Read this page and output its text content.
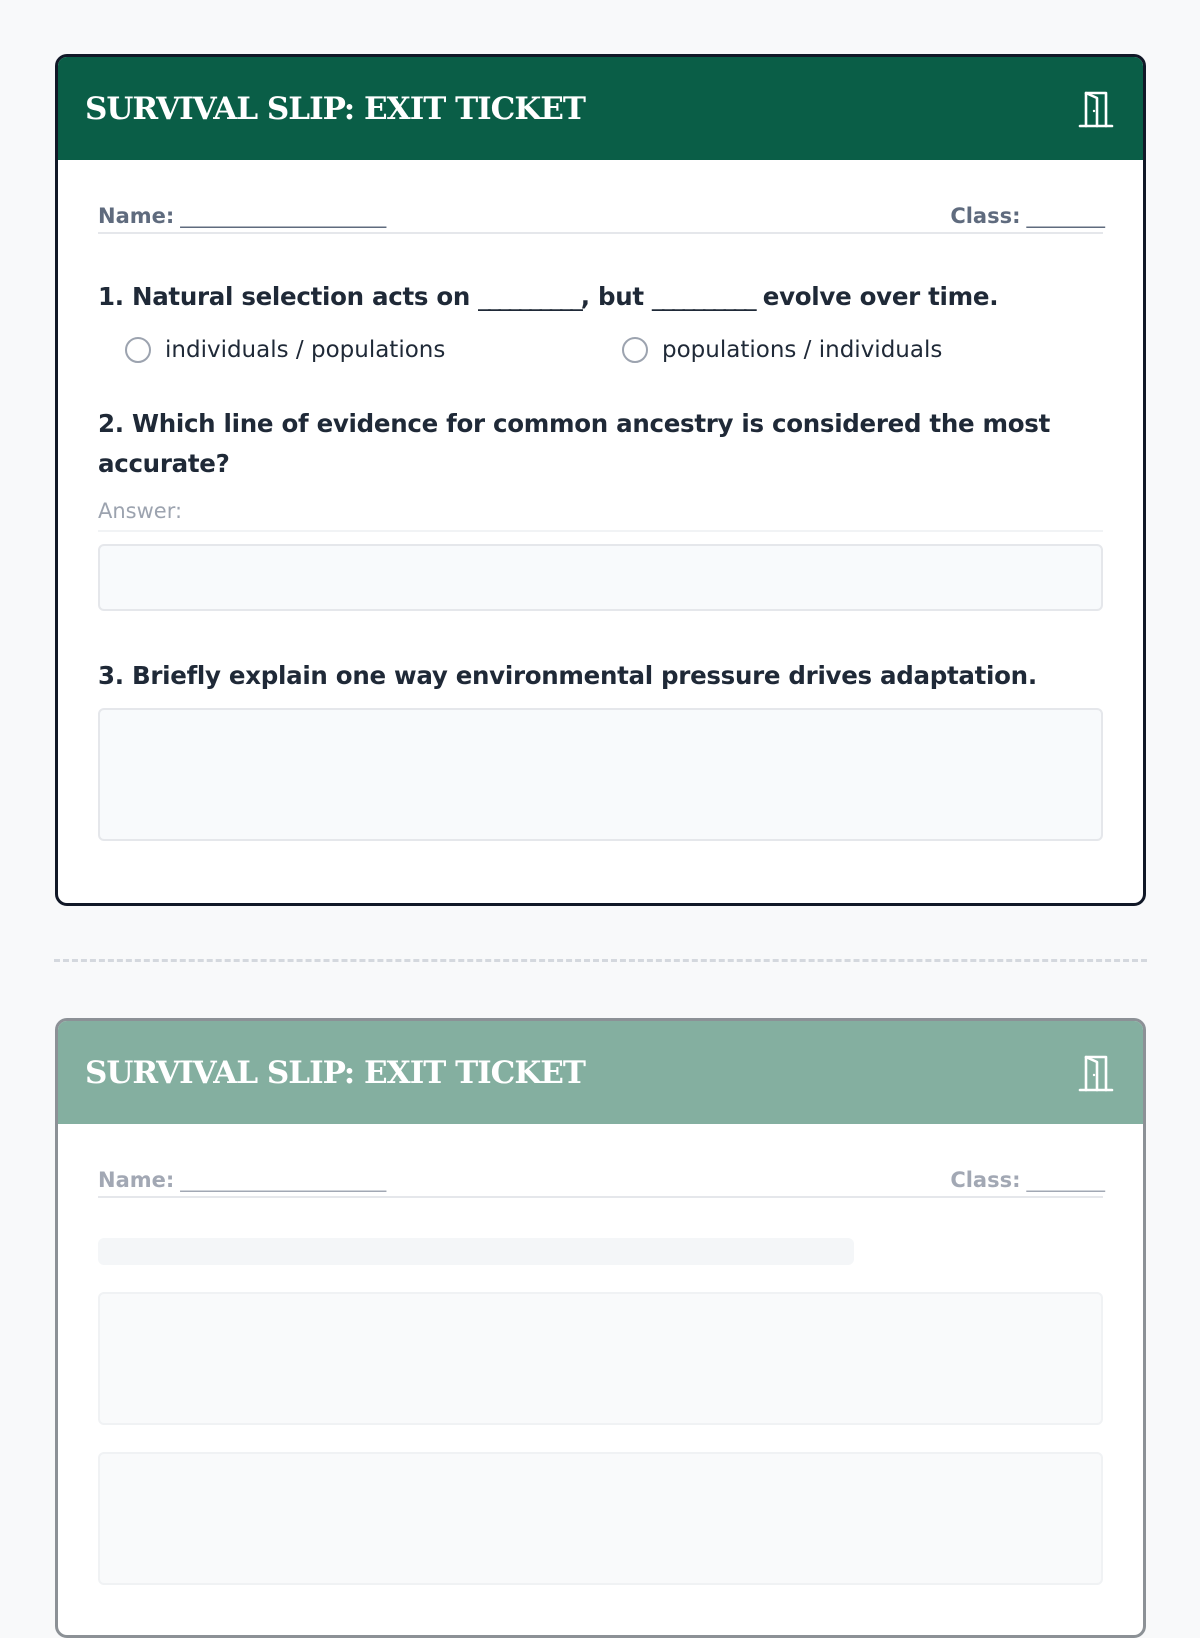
SURVIVAL SLIP: EXIT TICKET
Name: ________________________	Class: _________
1. Natural selection acts on __________, but __________ evolve over time.
individuals / populations	populations / individuals
2. Which line of evidence for common ancestry is considered the most accurate?
Answer:
3. Briefly explain one way environmental pressure drives adaptation.
SURVIVAL SLIP: EXIT TICKET
Name: ________________________	Class: _________
